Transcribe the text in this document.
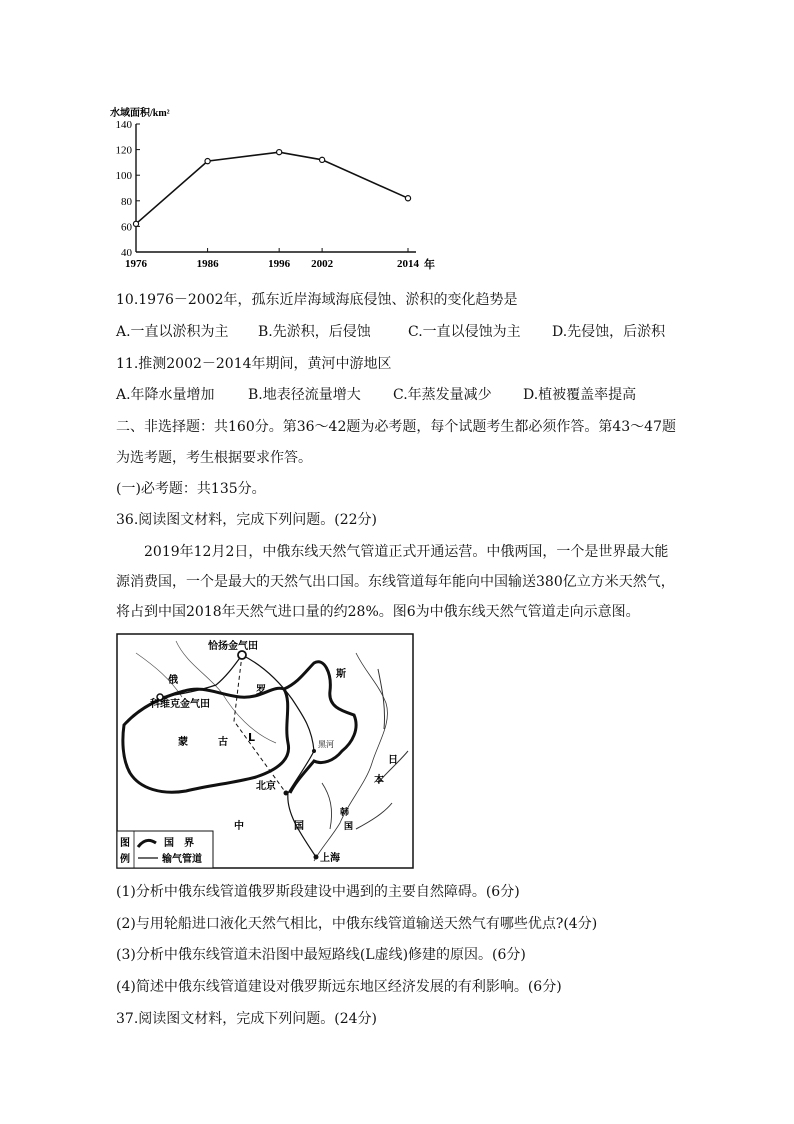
水域面积/km²
40
60
80
100
120
140
1976	1986	1996 2002	2014 年
10.1976－2002年，孤东近岸海域海底侵蚀、淤积的变化趋势是
A.一直以淤积为主 B.先淤积，后侵蚀	C.一直以侵蚀为主 D.先侵蚀，后淤积
11.推测2002－2014年期间，黄河中游地区
A.年降水量增加 B.地表径流量增大 C.年蒸发量减少 D.植被覆盖率提高
二、非选择题：共160分。第36～42题为必考题，每个试题考生都必须作答。第43～47题
为选考题，考生根据要求作答。
(一)必考题：共135分。
36.阅读图文材料，完成下列问题。(22分)
2019年12月2日，中俄东线天然气管道正式开通运营。中俄两国，一个是世界最大能源消费国，一个是最大的天然气出口国。东线管道每年能向中国输送380亿立方米天然气，将占到中国2018年天然气进口量的约28%。图6为中俄东线天然气管道走向示意图。
恰扬金气田
科维克金气田
俄
罗
斯
蒙	古 L
黑河
北京
中	国
日
本
韩
国
上海
图
例
国　界
输气管道
(1)分析中俄东线管道俄罗斯段建设中遇到的主要自然障碍。(6分)
(2)与用轮船进口液化天然气相比，中俄东线管道输送天然气有哪些优点?(4分)
(3)分析中俄东线管道未沿图中最短路线(L虚线)修建的原因。(6分)
(4)简述中俄东线管道建设对俄罗斯远东地区经济发展的有利影响。(6分)
37.阅读图文材料，完成下列问题。(24分)
